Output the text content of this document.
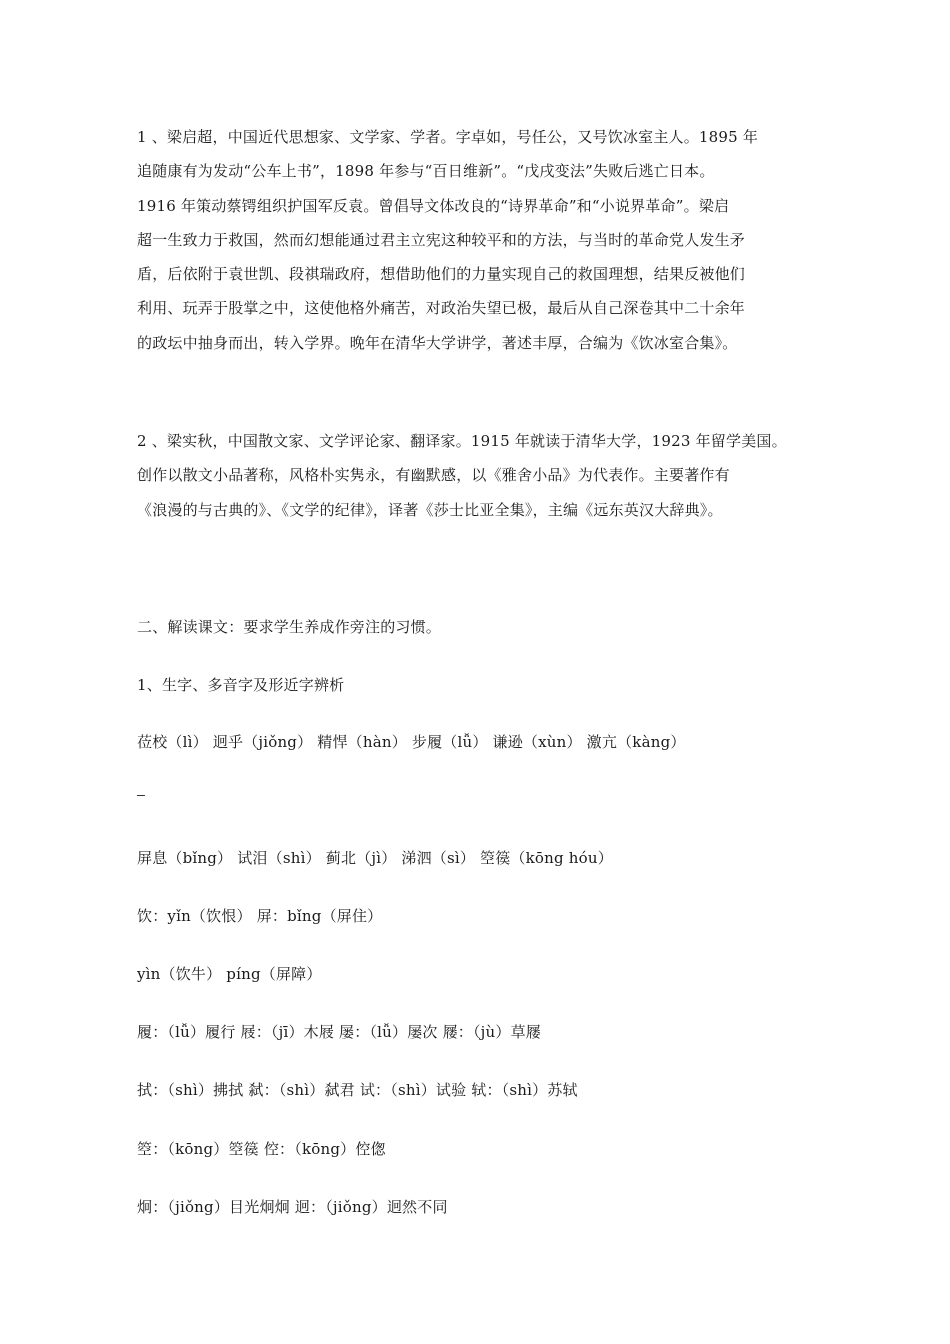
1 、梁启超，中国近代思想家、文学家、学者。字卓如，号任公，又号饮冰室主人。1895 年
追随康有为发动“公车上书”，1898 年参与“百日维新”。“戊戌变法”失败后逃亡日本。
1916 年策动蔡锷组织护国军反袁。曾倡导文体改良的“诗界革命”和“小说界革命”。梁启
超一生致力于救国，然而幻想能通过君主立宪这种较平和的方法，与当时的革命党人发生矛
盾，后依附于袁世凯、段祺瑞政府，想借助他们的力量实现自己的救国理想，结果反被他们
利用、玩弄于股掌之中，这使他格外痛苦，对政治失望已极，最后从自己深卷其中二十余年
的政坛中抽身而出，转入学界。晚年在清华大学讲学，著述丰厚，合编为《饮冰室合集》。
2 、梁实秋，中国散文家、文学评论家、翻译家。1915 年就读于清华大学，1923 年留学美国。
创作以散文小品著称，风格朴实隽永，有幽默感，以《雅舍小品》为代表作。主要著作有
《浪漫的与古典的》、《文学的纪律》，译著《莎士比亚全集》，主编《远东英汉大辞典》。
二、解读课文：要求学生养成作旁注的习惯。
1、生字、多音字及形近字辨析
莅校（lì） 迥乎（jiǒng） 精悍（hàn） 步履（lǚ） 谦逊（xùn） 激亢（kàng）
屏息（bǐng） 试泪（shì） 蓟北（jì） 涕泗（sì） 箜篌（kōng hóu）
饮：yǐn（饮恨） 屏：bǐng（屏住）
yìn（饮牛） píng（屏障）
履：（lǚ）履行 屐：（jī）木屐 屡：（lǚ）屡次 屦：（jù）草屦
拭：（shì）拂拭 弑：（shì）弑君 试：（shì）试验 轼：（shì）苏轼
箜：（kōng）箜篌 倥：（kōng）倥偬
炯：（jiǒng）目光炯炯 迥：（jiǒng）迥然不同
